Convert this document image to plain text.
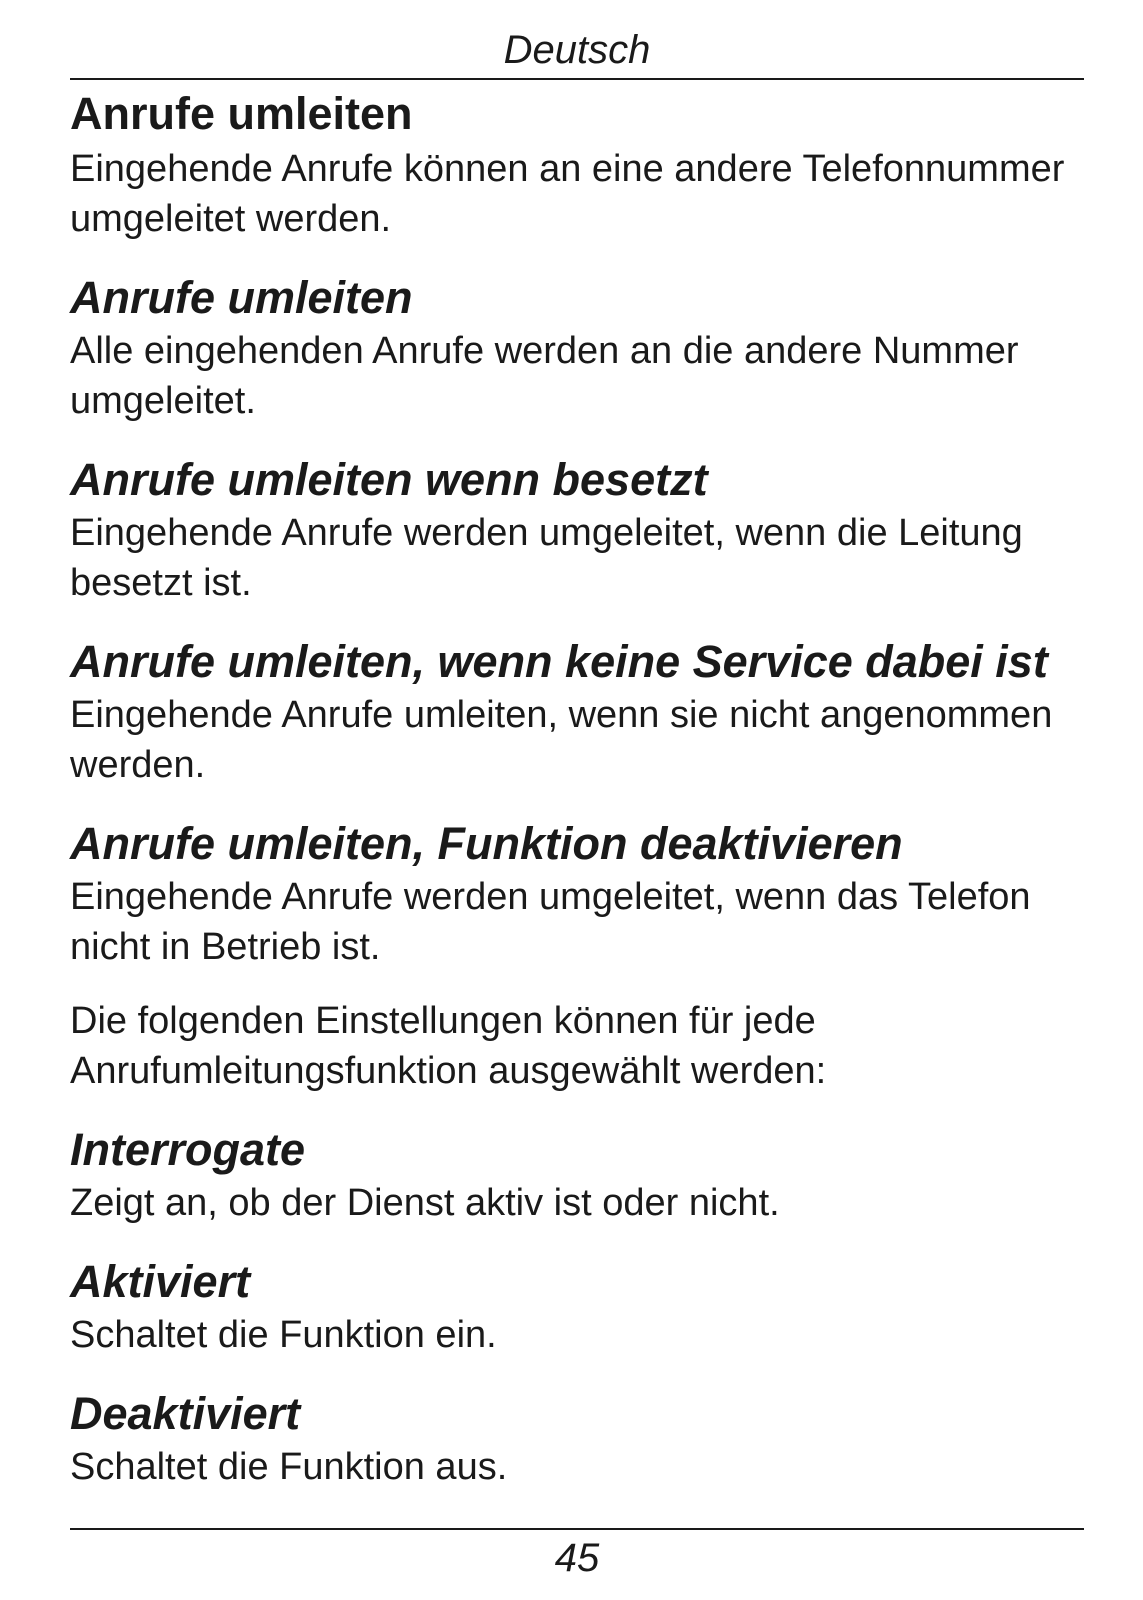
Deutsch
Anrufe umleiten

Eingehende Anrufe können an eine andere Telefonnummer umgeleitet werden.

Anrufe umleiten

Alle eingehenden Anrufe werden an die andere Nummer umgeleitet.

Anrufe umleiten wenn besetzt

Eingehende Anrufe werden umgeleitet, wenn die Leitung besetzt ist.

Anrufe umleiten, wenn keine Service dabei ist

Eingehende Anrufe umleiten, wenn sie nicht angenommen werden.

Anrufe umleiten, Funktion deaktivieren

Eingehende Anrufe werden umgeleitet, wenn das Telefon nicht in Betrieb ist.

Die folgenden Einstellungen können für jede Anrufumleitungsfunktion ausgewählt werden:

Interrogate

Zeigt an, ob der Dienst aktiv ist oder nicht.

Aktiviert

Schaltet die Funktion ein.

Deaktiviert

Schaltet die Funktion aus.

45
